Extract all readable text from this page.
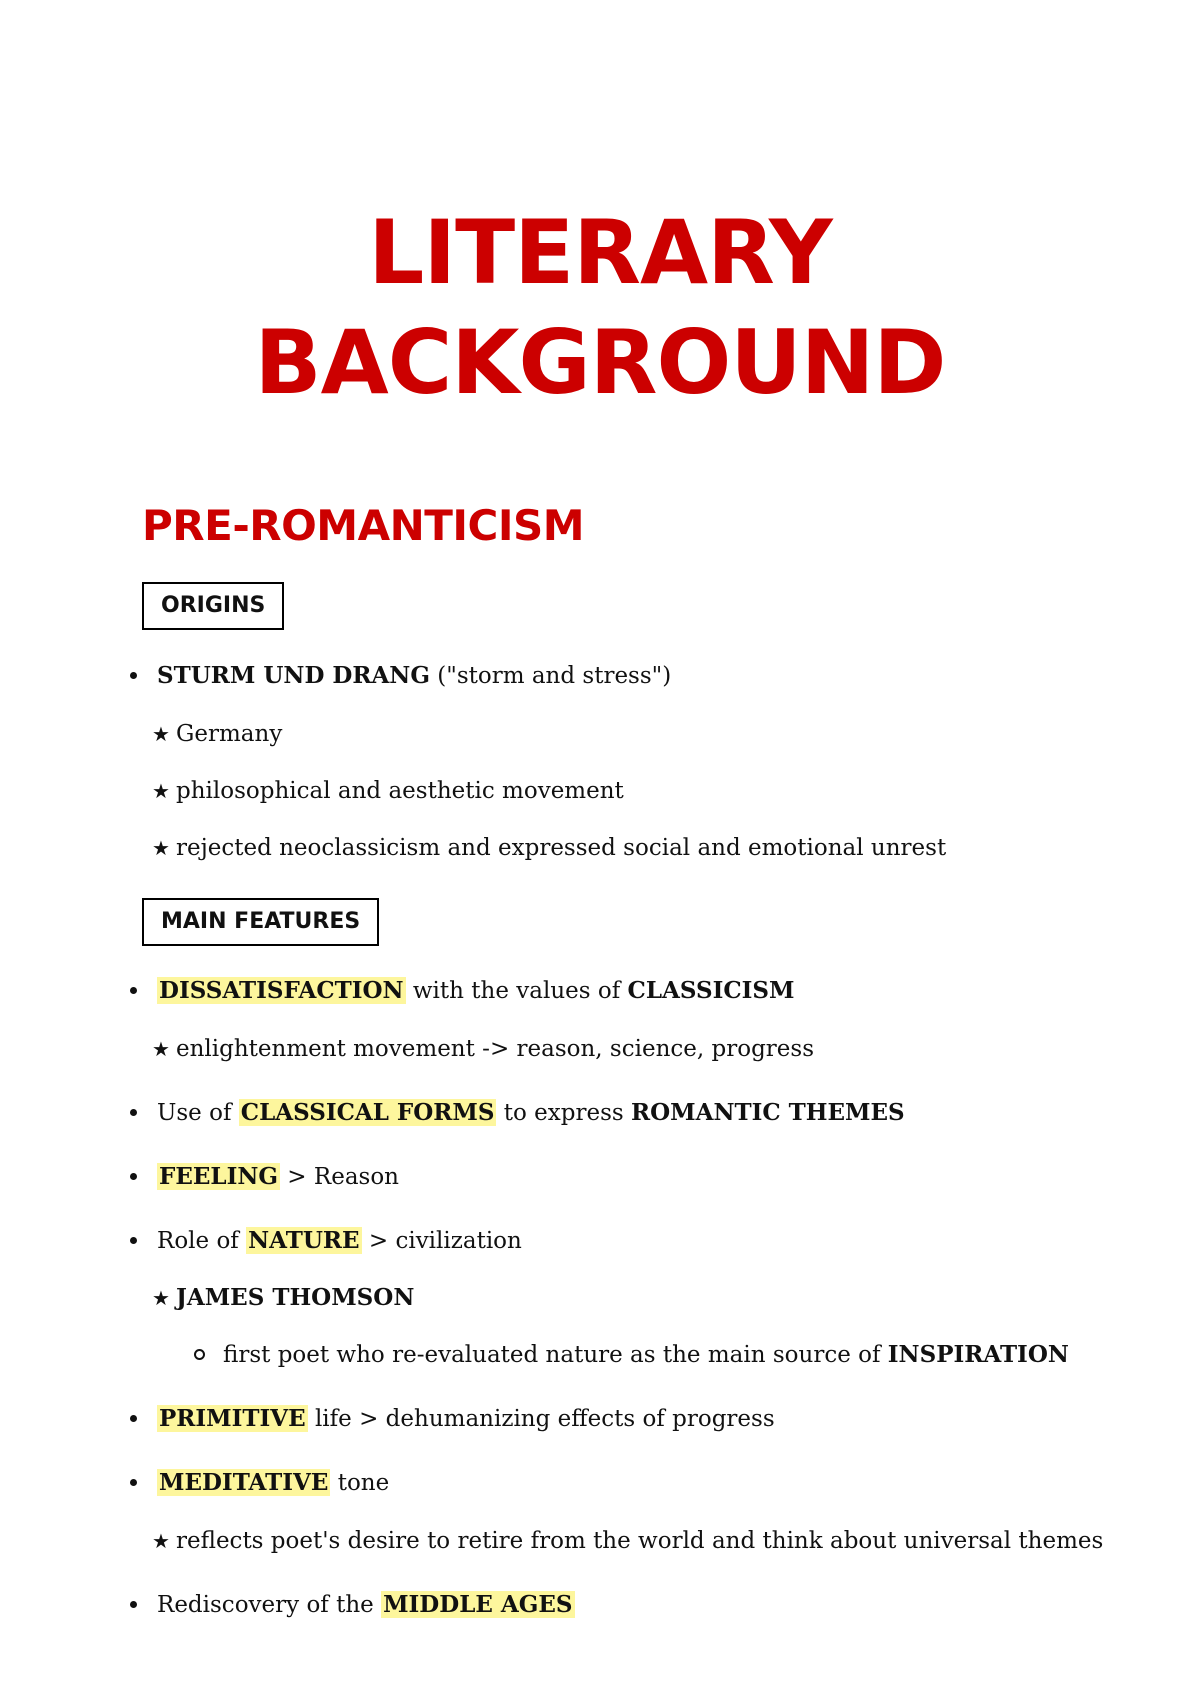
LITERARY
BACKGROUND
PRE-ROMANTICISM
ORIGINS
STURM UND DRANG ("storm and stress")
★ Germany
★ philosophical and aesthetic movement
★ rejected neoclassicism and expressed social and emotional unrest
MAIN FEATURES
DISSATISFACTION with the values of CLASSICISM
★ enlightenment movement -> reason, science, progress
Use of CLASSICAL FORMS to express ROMANTIC THEMES
FEELING > Reason
Role of NATURE > civilization
★ JAMES THOMSON
first poet who re-evaluated nature as the main source of INSPIRATION
PRIMITIVE life > dehumanizing effects of progress
MEDITATIVE tone
★ reflects poet's desire to retire from the world and think about universal themes
Rediscovery of the MIDDLE AGES
